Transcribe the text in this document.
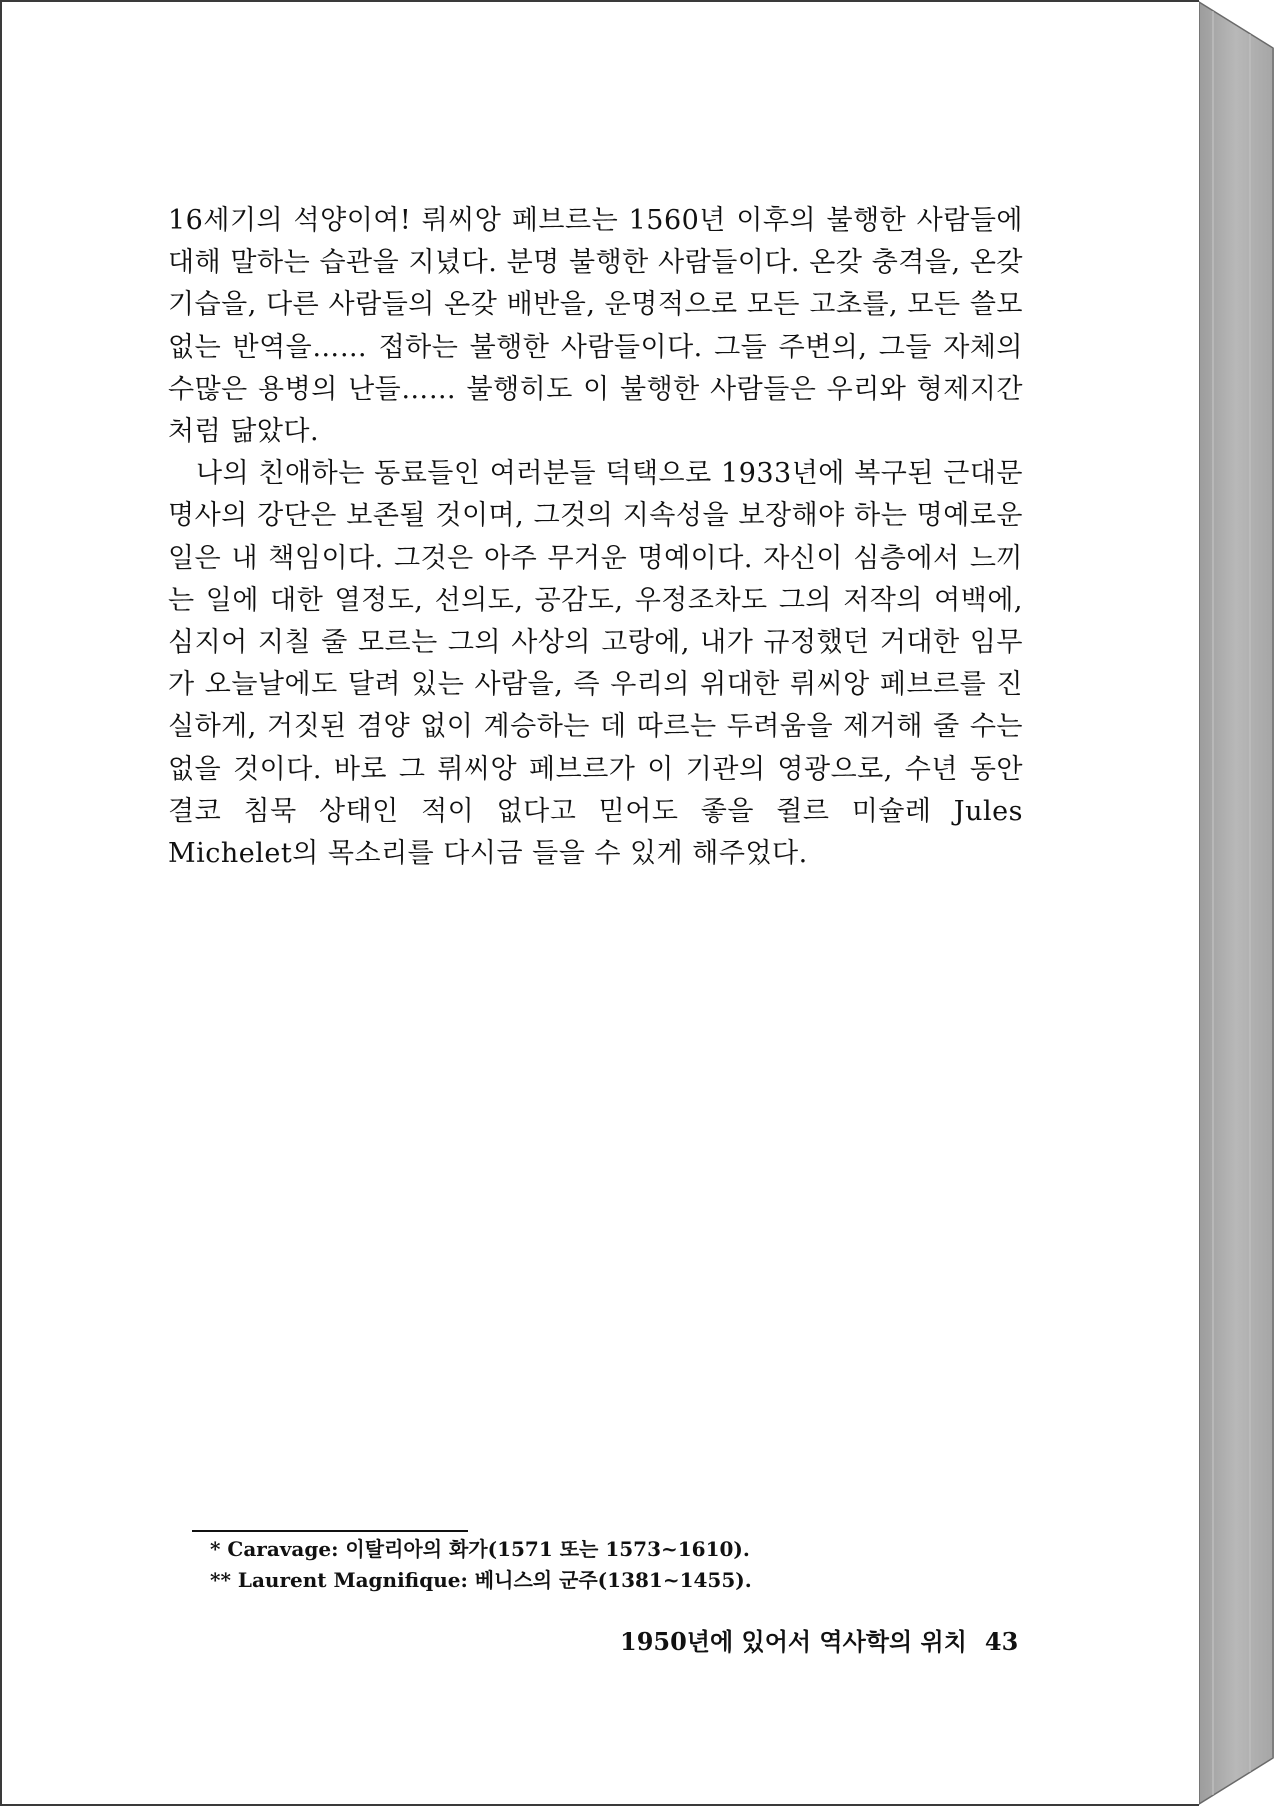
16세기의 석양이여! 뤼씨앙 페브르는 1560년 이후의 불행한 사람들에 대해 말하는 습관을 지녔다. 분명 불행한 사람들이다. 온갖 충격을, 온갖 기습을, 다른 사람들의 온갖 배반을, 운명적으로 모든 고초를, 모든 쓸모없는 반역을…… 접하는 불행한 사람들이다. 그들 주변의, 그들 자체의 수많은 용병의 난들…… 불행히도 이 불행한 사람들은 우리와 형제지간처럼 닮았다.

나의 친애하는 동료들인 여러분들 덕택으로 1933년에 복구된 근대문명사의 강단은 보존될 것이며, 그것의 지속성을 보장해야 하는 명예로운 일은 내 책임이다. 그것은 아주 무거운 명예이다. 자신이 심층에서 느끼는 일에 대한 열정도, 선의도, 공감도, 우정조차도 그의 저작의 여백에, 심지어 지칠 줄 모르는 그의 사상의 고랑에, 내가 규정했던 거대한 임무가 오늘날에도 달려 있는 사람을, 즉 우리의 위대한 뤼씨앙 페브르를 진실하게, 거짓된 겸양 없이 계승하는 데 따르는 두려움을 제거해 줄 수는 없을 것이다. 바로 그 뤼씨앙 페브르가 이 기관의 영광으로, 수년 동안 결코 침묵 상태인 적이 없다고 믿어도 좋을 쥘르 미슐레 Jules Michelet의 목소리를 다시금 들을 수 있게 해주었다.

* Caravage: 이탈리아의 화가(1571 또는 1573~1610).
** Laurent Magnifique: 베니스의 군주(1381~1455).
1950년에 있어서 역사학의 위치 43
